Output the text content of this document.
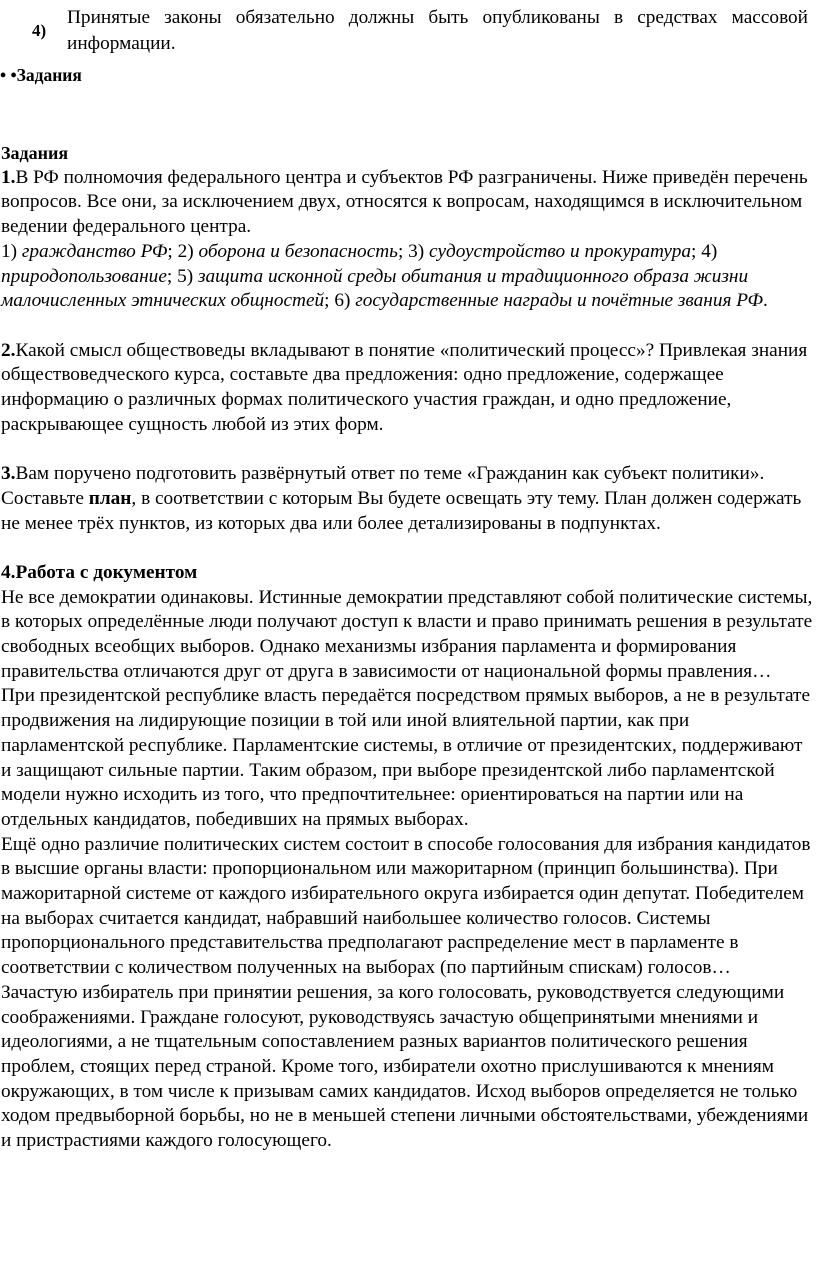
4)
Принятые законы обязательно должны быть опубликованы в средствах массовой информации.
• •Задания

Задания

1.В РФ полномочия федерального центра и субъектов РФ разграничены. Ниже приведён перечень вопросов. Все они, за исключением двух, относятся к вопросам, находящимся в исключительном ведении федерального центра.

1) гражданство РФ; 2) оборона и безопасность; 3) судоустройство и прокуратура; 4) природопользование; 5) защита исконной среды обитания и традиционного образа жизни малочисленных этнических общностей; 6) государственные награды и почётные звания РФ.

2.Какой смысл обществоведы вкладывают в понятие «политический процесс»? Привлекая знания обществоведческого курса, составьте два предложения: одно предложение, содержащее информацию о различных формах политического участия граждан, и одно предложение, раскрывающее сущность любой из этих форм.

3.Вам поручено подготовить развёрнутый ответ по теме «Гражданин как субъект политики». Составьте план, в соответствии с которым Вы будете освещать эту тему. План должен содержать не менее трёх пунктов, из которых два или более детализированы в подпунктах.

4.Работа с документом

Не все демократии одинаковы. Истинные демократии представляют собой политические системы, в которых определённые люди получают доступ к власти и право принимать решения в результате свободных всеобщих выборов. Однако механизмы избрания парламента и формирования правительства отличаются друг от друга в зависимости от национальной формы правления…

При президентской республике власть передаётся посредством прямых выборов, а не в результате продвижения на лидирующие позиции в той или иной влиятельной партии, как при парламентской республике. Парламентские системы, в отличие от президентских, поддерживают и защищают сильные партии. Таким образом, при выборе президентской либо парламентской модели нужно исходить из того, что предпочтительнее: ориентироваться на партии или на отдельных кандидатов, победивших на прямых выборах.

Ещё одно различие политических систем состоит в способе голосования для избрания кандидатов в высшие органы власти: пропорциональном или мажоритарном (принцип большинства). При мажоритарной системе от каждого избирательного округа избирается один депутат. Победителем на выборах считается кандидат, набравший наибольшее количество голосов. Системы пропорционального представительства предполагают распределение мест в парламенте в соответствии с количеством полученных на выборах (по партийным спискам) голосов…

Зачастую избиратель при принятии решения, за кого голосовать, руководствуется следующими соображениями. Граждане голосуют, руководствуясь зачастую общепринятыми мнениями и идеологиями, а не тщательным сопоставлением разных вариантов политического решения проблем, стоящих перед страной. Кроме того, избиратели охотно прислушиваются к мнениям окружающих, в том числе к призывам самих кандидатов. Исход выборов определяется не только ходом предвыборной борьбы, но не в меньшей степени личными обстоятельствами, убеждениями и пристрастиями каждого голосующего.
